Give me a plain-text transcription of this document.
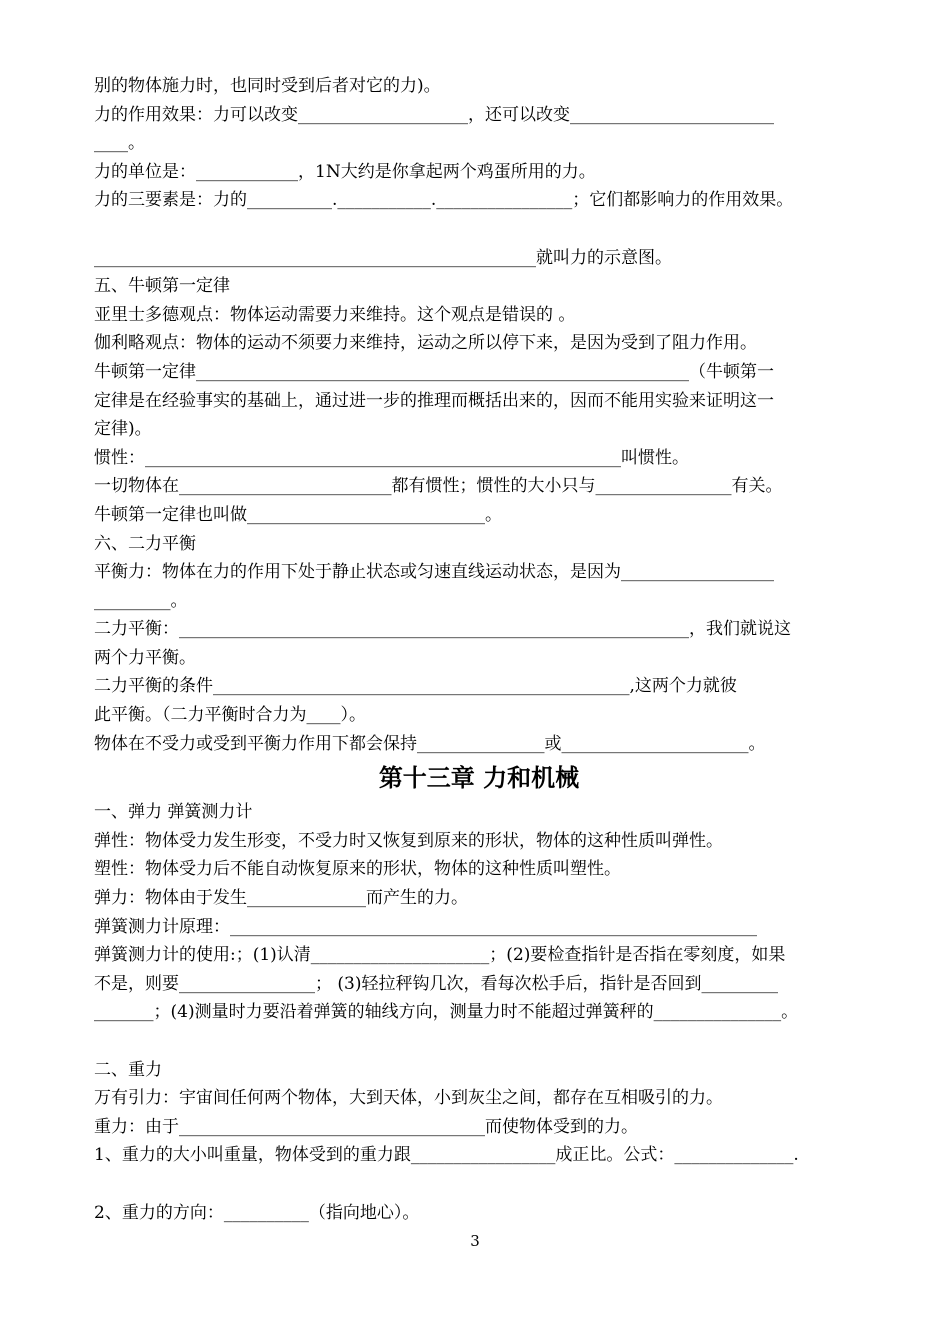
别的物体施力时，也同时受到后者对它的力)。
力的作用效果：力可以改变____________________，还可以改变________________________
____。
力的单位是：____________，1N大约是你拿起两个鸡蛋所用的力。
力的三要素是：力的__________.___________.________________；它们都影响力的作用效果。
____________________________________________________就叫力的示意图。
五、牛顿第一定律
亚里士多德观点：物体运动需要力来维持。这个观点是错误的 。
伽利略观点：物体的运动不须要力来维持，运动之所以停下来，是因为受到了阻力作用。
牛顿第一定律__________________________________________________________（牛顿第一
定律是在经验事实的基础上，通过进一步的推理而概括出来的，因而不能用实验来证明这一
定律)。
惯性：________________________________________________________叫惯性。
一切物体在_________________________都有惯性；惯性的大小只与________________有关。
牛顿第一定律也叫做____________________________。
六、二力平衡
平衡力：物体在力的作用下处于静止状态或匀速直线运动状态，是因为__________________
_________。
二力平衡：____________________________________________________________，我们就说这
两个力平衡。
二力平衡的条件_________________________________________________,这两个力就彼
此平衡。（二力平衡时合力为____）。
物体在不受力或受到平衡力作用下都会保持_______________或______________________。
第十三章 力和机械
一、弹力 弹簧测力计
弹性：物体受力发生形变，不受力时又恢复到原来的形状，物体的这种性质叫弹性。
塑性：物体受力后不能自动恢复原来的形状，物体的这种性质叫塑性。
弹力：物体由于发生______________而产生的力。
弹簧测力计原理：______________________________________________________________
弹簧测力计的使用:；(1)认清_____________________；(2)要检查指针是否指在零刻度，如果
不是，则要________________； (3)轻拉秤钩几次，看每次松手后，指针是否回到_________
_______；(4)测量时力要沿着弹簧的轴线方向，测量力时不能超过弹簧秤的_______________。
二、重力
万有引力：宇宙间任何两个物体，大到天体，小到灰尘之间，都存在互相吸引的力。
重力：由于____________________________________而使物体受到的力。
1、重力的大小叫重量，物体受到的重力跟_________________成正比。公式：______________.
2、重力的方向：__________（指向地心）。
3
